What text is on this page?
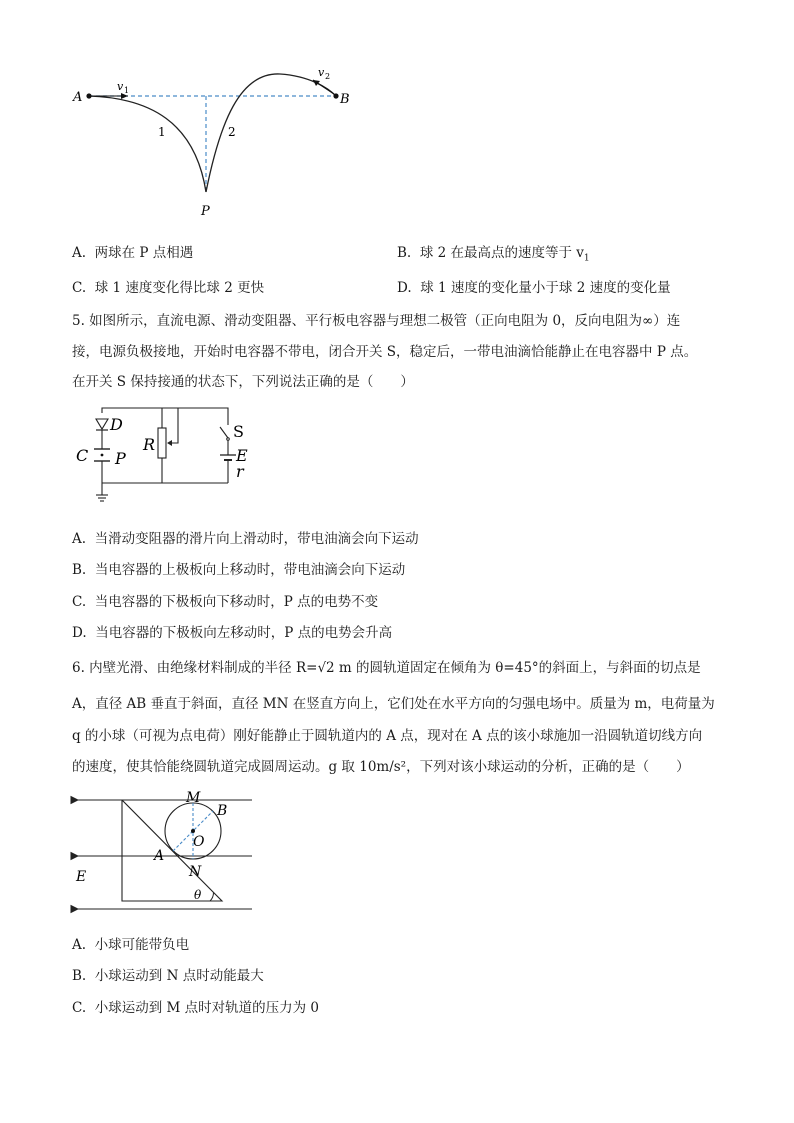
A	B
P
v 1
v 2
1	2
A. 两球在 P 点相遇	B. 球 2 在最高点的速度等于 $v_1$
C. 球 1 速度变化得比球 2 更快	D. 球 1 速度的变化量小于球 2 速度的变化量
5. 如图所示，直流电源、滑动变阻器、平行板电容器与理想二极管（正向电阻为 0，反向电阻为∞）连
接，电源负极接地，开始时电容器不带电，闭合开关 S，稳定后，一带电油滴恰能静止在电容器中 P 点。
在开关 S 保持接通的状态下，下列说法正确的是（　　）
D
C P
R
S
E
r
A. 当滑动变阻器的滑片向上滑动时，带电油滴会向下运动
B. 当电容器的上极板向上移动时，带电油滴会向下运动
C. 当电容器的下极板向下移动时，P 点的电势不变
D. 当电容器的下极板向左移动时，P 点的电势会升高
6. 内壁光滑、由绝缘材料制成的半径 R=√2 m 的圆轨道固定在倾角为 θ=45°的斜面上，与斜面的切点是
A，直径 AB 垂直于斜面，直径 MN 在竖直方向上，它们处在水平方向的匀强电场中。质量为 m，电荷量为
q 的小球（可视为点电荷）刚好能静止于圆轨道内的 A 点，现对在 A 点的该小球施加一沿圆轨道切线方向
的速度，使其恰能绕圆轨道完成圆周运动。g 取 10m/s²，下列对该小球运动的分析，正确的是（　　）
M
B
O
A
N
E
θ
A. 小球可能带负电
B. 小球运动到 N 点时动能最大
C. 小球运动到 M 点时对轨道的压力为 0
